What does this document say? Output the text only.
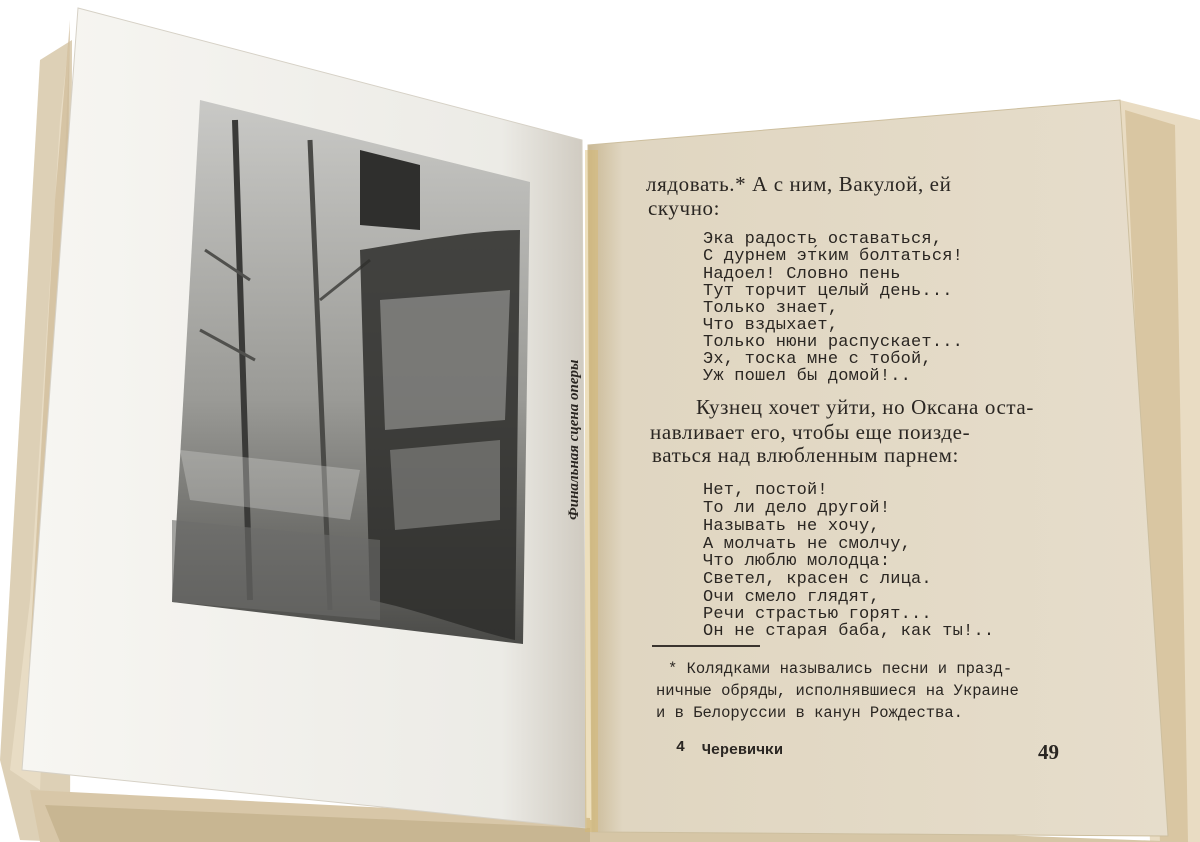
Финальная сцена оперы
лядовать.* А с ним, Вакулой, ей
скучно:
Эка радость оставаться,
С дурнем эт́ким болтаться!
Надоел! Словно пень
Тут торчит целый день...
Только знает,
Что вздыхает,
Только нюни распускает...
Эх, тоска мне с тобой,
Уж пошел бы домой!..
Кузнец хочет уйти, но Оксана оста-
навливает его, чтобы еще поизде-
ваться над влюбленным парнем:
Нет, постой!
То ли дело другой!
Называть не хочу,
А молчать не смолчу,
Что люблю молодца:
Светел, красен с лица.
Очи смело глядят,
Речи страстью горят...
Он не старая баба, как ты!..
* Колядками назывались песни и празд-
ничные обряды, исполнявшиеся на Украине
и в Белоруссии в канун Рождества.
4 Черевички	49
